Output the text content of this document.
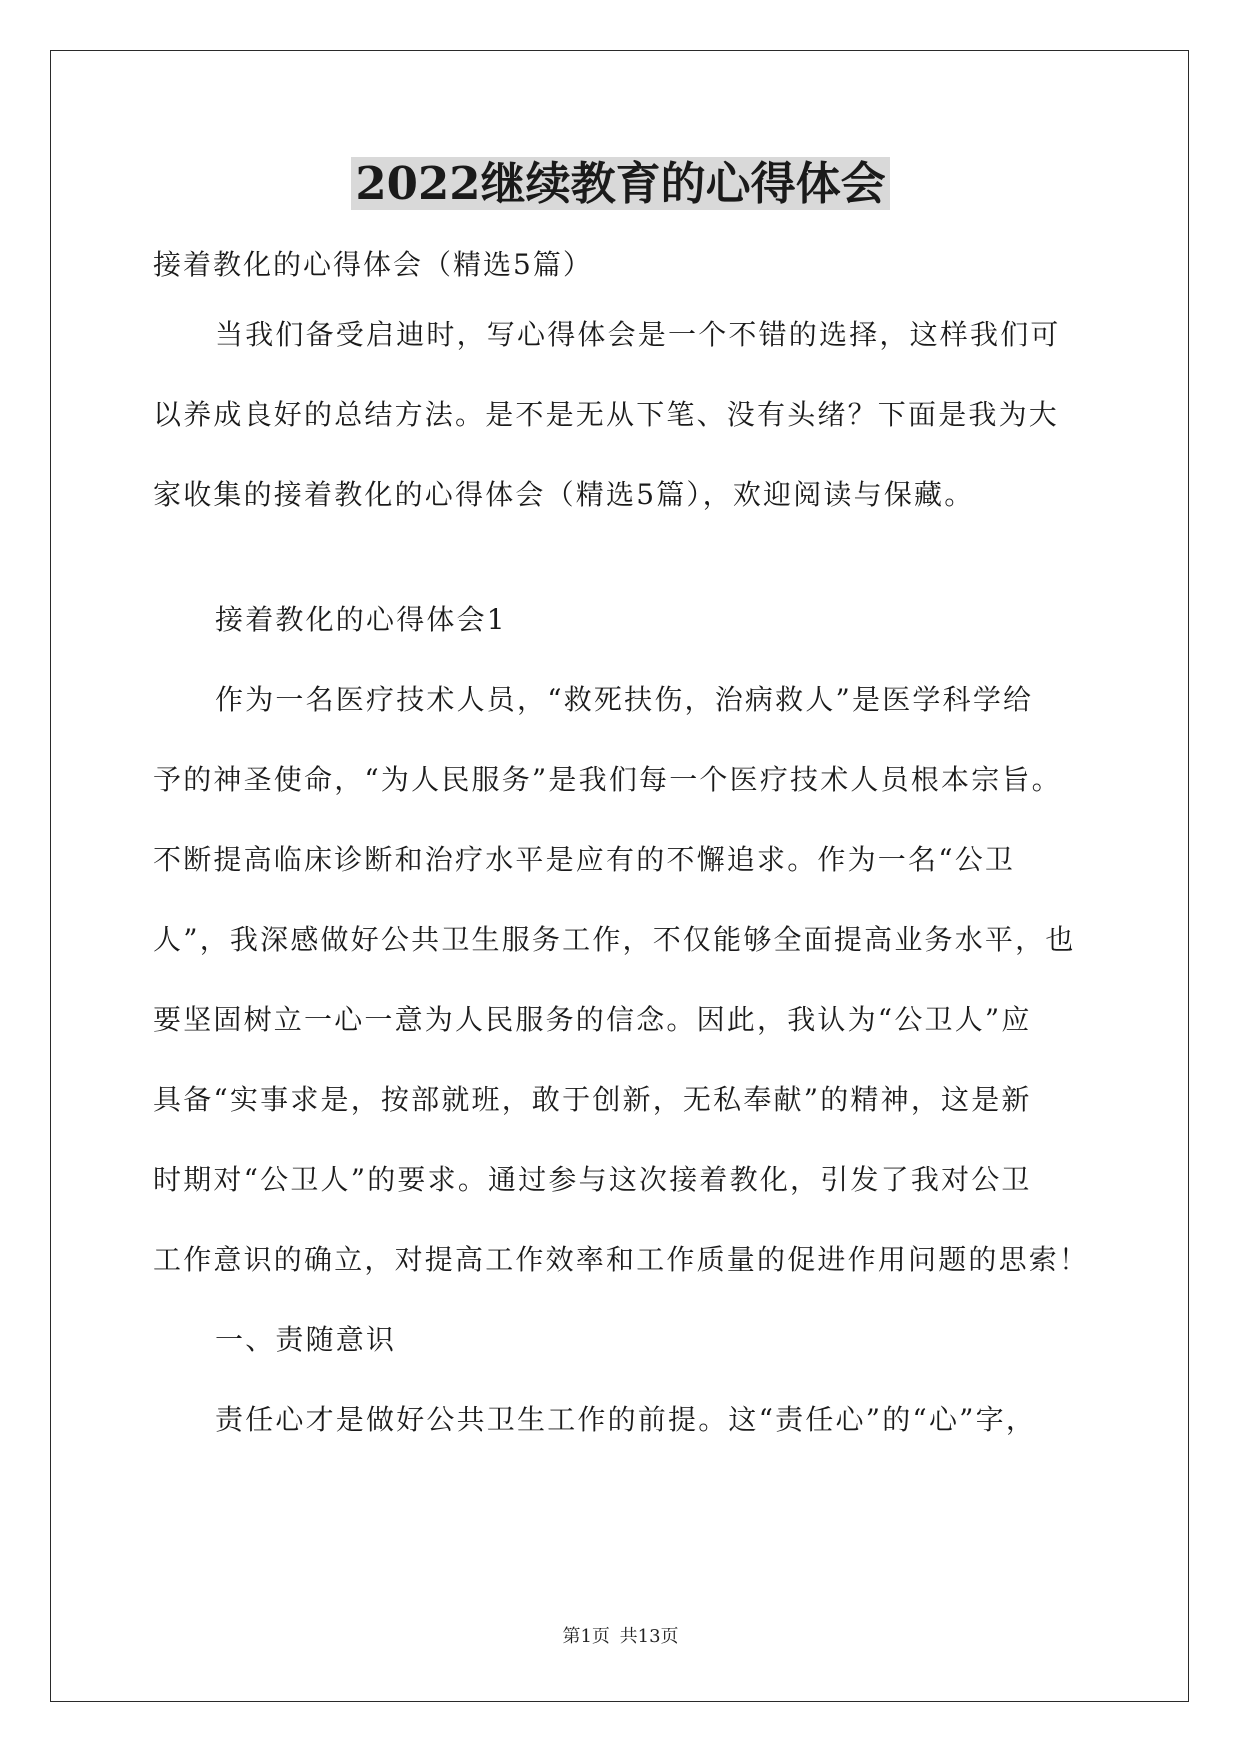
2022继续教育的心得体会
接着教化的心得体会（精选5篇）
当我们备受启迪时，写心得体会是一个不错的选择，这样我们可
以养成良好的总结方法。是不是无从下笔、没有头绪？下面是我为大
家收集的接着教化的心得体会（精选5篇），欢迎阅读与保藏。
接着教化的心得体会1
作为一名医疗技术人员，“救死扶伤，治病救人”是医学科学给
予的神圣使命，“为人民服务”是我们每一个医疗技术人员根本宗旨。
不断提高临床诊断和治疗水平是应有的不懈追求。作为一名“公卫
人”，我深感做好公共卫生服务工作，不仅能够全面提高业务水平，也
要坚固树立一心一意为人民服务的信念。因此，我认为“公卫人”应
具备“实事求是，按部就班，敢于创新，无私奉献”的精神，这是新
时期对“公卫人”的要求。通过参与这次接着教化，引发了我对公卫
工作意识的确立，对提高工作效率和工作质量的促进作用问题的思索！
一、责随意识
责任心才是做好公共卫生工作的前提。这“责任心”的“心”字，
第1页 共13页
